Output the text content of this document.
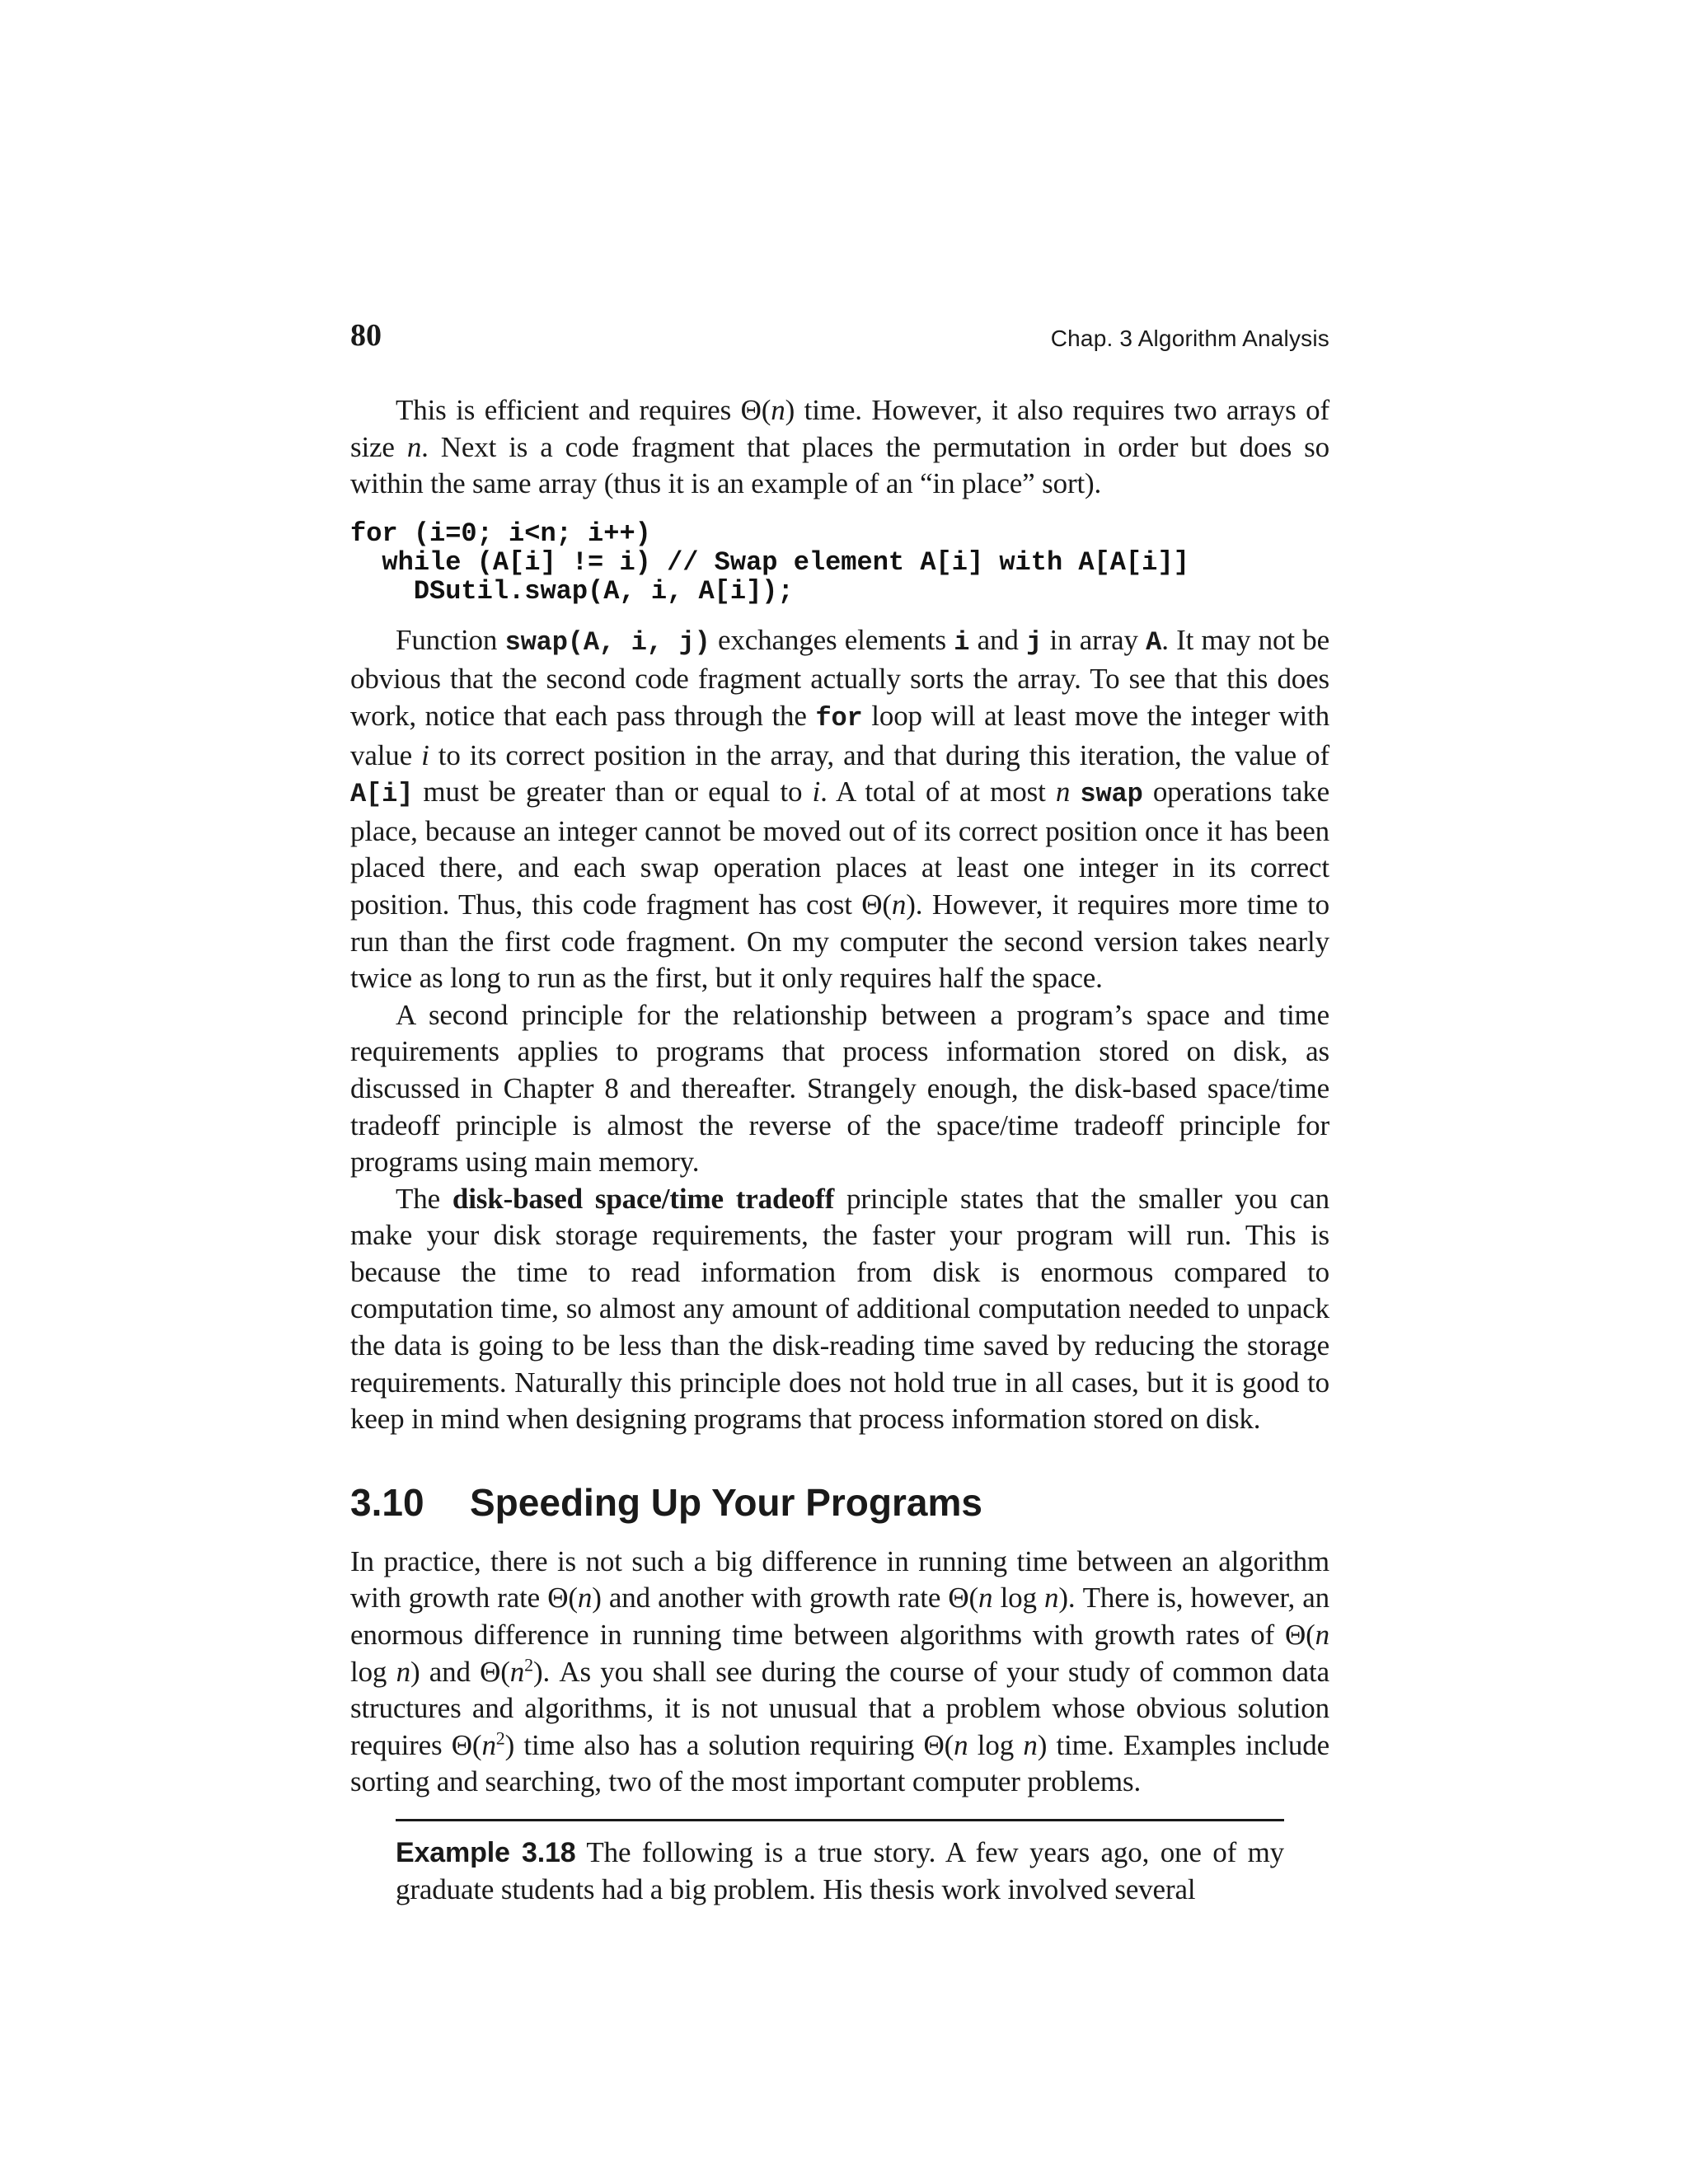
80	Chap. 3 Algorithm Analysis

This is efficient and requires Θ(n) time. However, it also requires two arrays of size n. Next is a code fragment that places the permutation in order but does so within the same array (thus it is an example of an “in place” sort).

for (i=0; i<n; i++)
while (A[i] != i) // Swap element A[i] with A[A[i]]
DSutil.swap(A, i, A[i]);

Function swap(A, i, j) exchanges elements i and j in array A. It may not be obvious that the second code fragment actually sorts the array. To see that this does work, notice that each pass through the for loop will at least move the integer with value i to its correct position in the array, and that during this iteration, the value of A[i] must be greater than or equal to i. A total of at most n swap operations take place, because an integer cannot be moved out of its correct position once it has been placed there, and each swap operation places at least one integer in its correct position. Thus, this code fragment has cost Θ(n). However, it requires more time to run than the first code fragment. On my computer the second version takes nearly twice as long to run as the first, but it only requires half the space.

A second principle for the relationship between a program’s space and time requirements applies to programs that process information stored on disk, as discussed in Chapter 8 and thereafter. Strangely enough, the disk-based space/time tradeoff principle is almost the reverse of the space/time tradeoff principle for programs using main memory.

The disk-based space/time tradeoff principle states that the smaller you can make your disk storage requirements, the faster your program will run. This is because the time to read information from disk is enormous compared to computation time, so almost any amount of additional computation needed to unpack the data is going to be less than the disk-reading time saved by reducing the storage requirements. Naturally this principle does not hold true in all cases, but it is good to keep in mind when designing programs that process information stored on disk.

3.10 Speeding Up Your Programs

In practice, there is not such a big difference in running time between an algorithm with growth rate Θ(n) and another with growth rate Θ(n log n). There is, however, an enormous difference in running time between algorithms with growth rates of Θ(n log n) and $\Theta(n^2)$. As you shall see during the course of your study of common data structures and algorithms, it is not unusual that a problem whose obvious solution requires $\Theta(n^2)$ time also has a solution requiring Θ(n log n) time. Examples include sorting and searching, two of the most important computer problems.

Example 3.18 The following is a true story. A few years ago, one of my graduate students had a big problem. His thesis work involved several
